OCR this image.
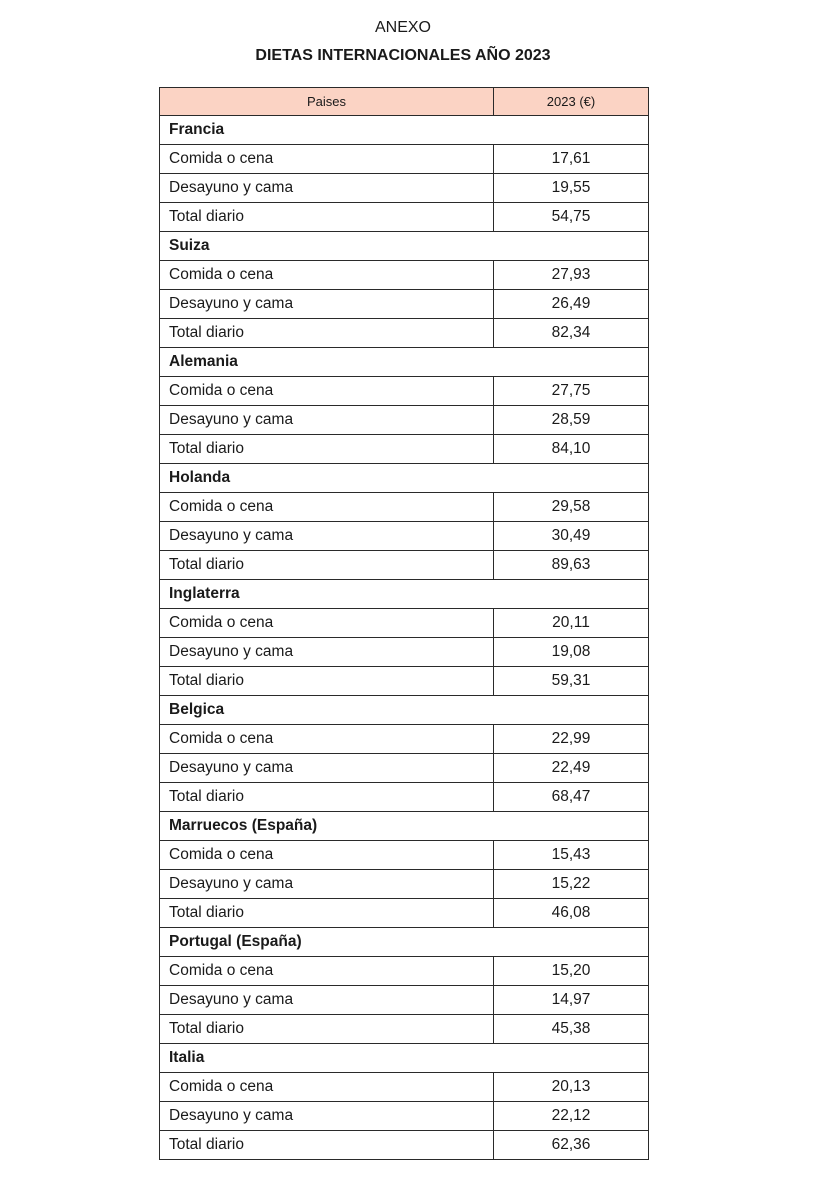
ANEXO
DIETAS INTERNACIONALES AÑO 2023
Paises	2023 (€)
Francia	
Comida o cena	17,61
Desayuno y cama	19,55
Total diario	54,75
Suiza	
Comida o cena	27,93
Desayuno y cama	26,49
Total diario	82,34
Alemania	
Comida o cena	27,75
Desayuno y cama	28,59
Total diario	84,10
Holanda	
Comida o cena	29,58
Desayuno y cama	30,49
Total diario	89,63
Inglaterra	
Comida o cena	20,11
Desayuno y cama	19,08
Total diario	59,31
Belgica	
Comida o cena	22,99
Desayuno y cama	22,49
Total diario	68,47
Marruecos (España)	
Comida o cena	15,43
Desayuno y cama	15,22
Total diario	46,08
Portugal (España)	
Comida o cena	15,20
Desayuno y cama	14,97
Total diario	45,38
Italia	
Comida o cena	20,13
Desayuno y cama	22,12
Total diario	62,36
